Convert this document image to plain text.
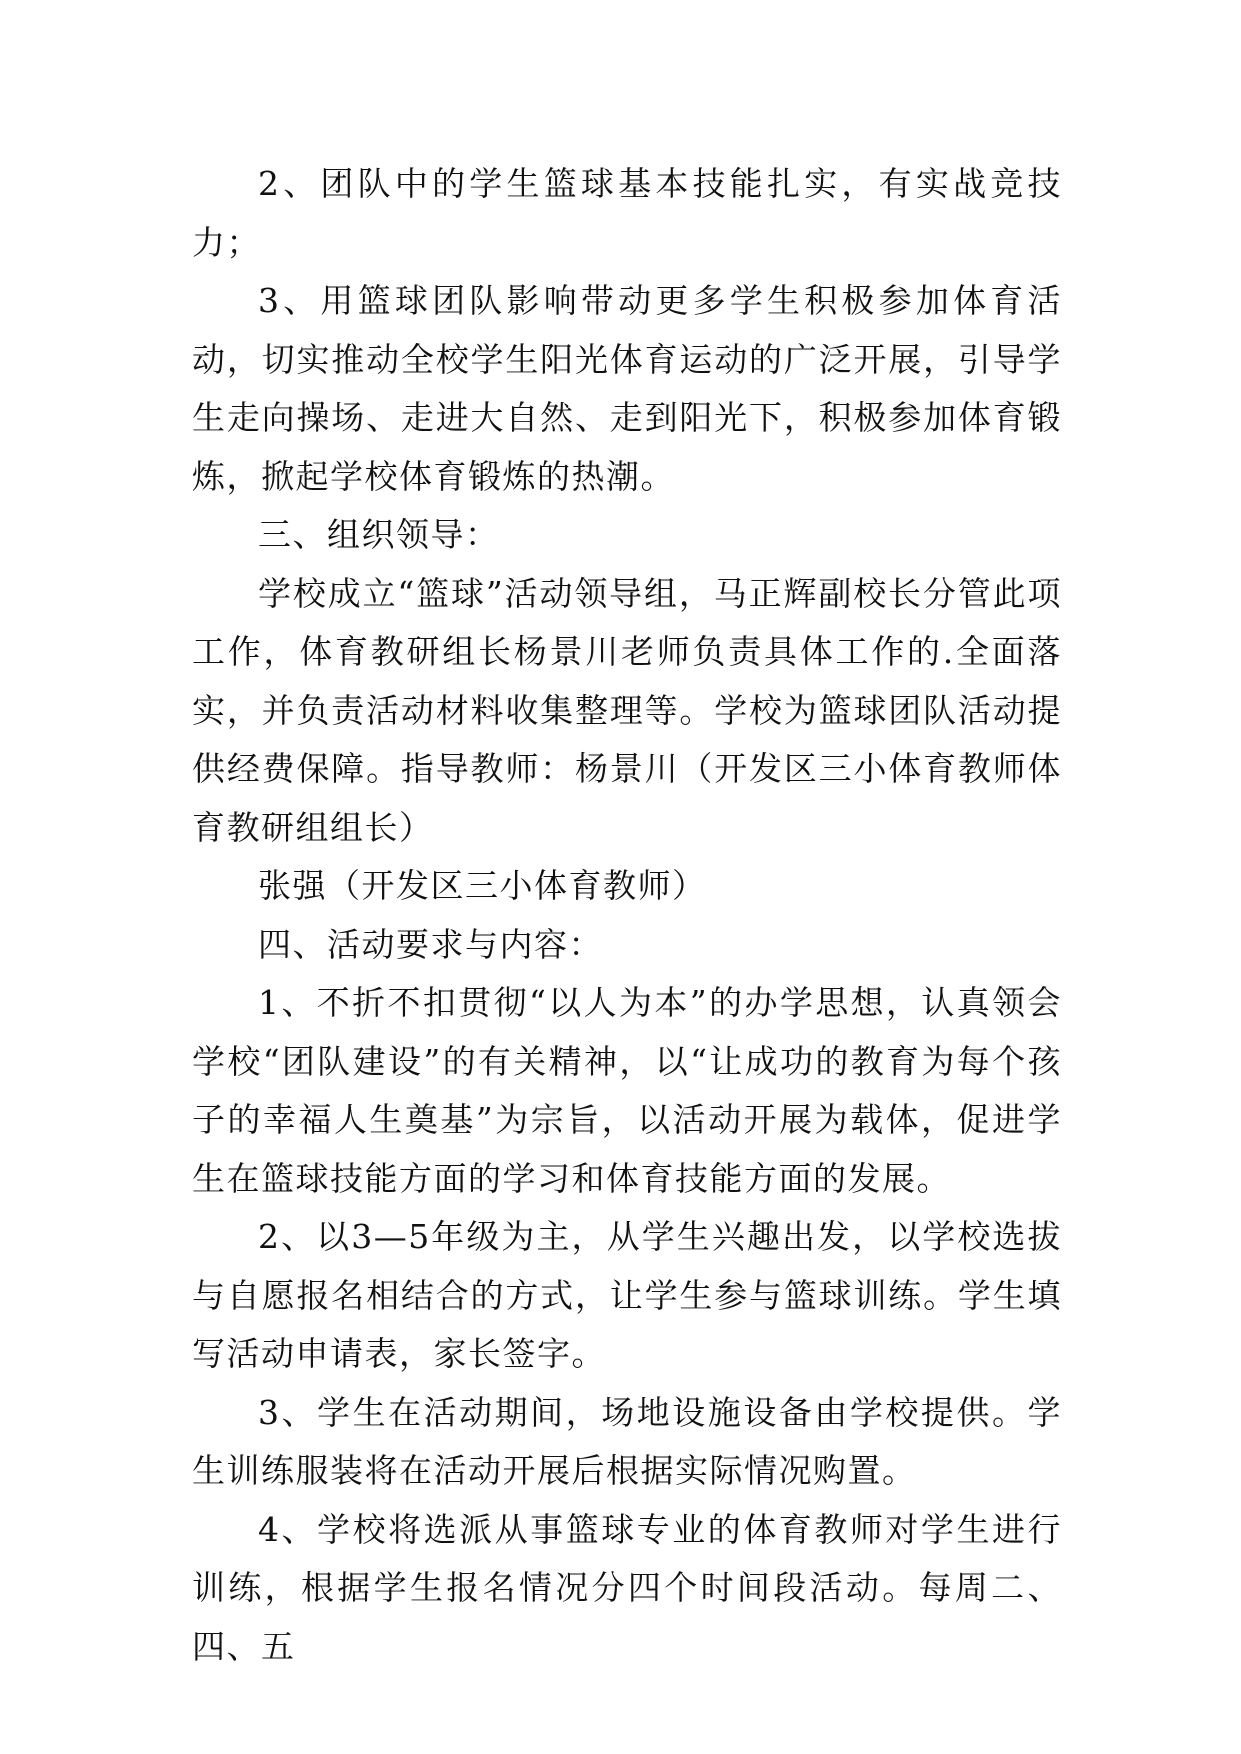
2、团队中的学生篮球基本技能扎实，有实战竞技力；

3、用篮球团队影响带动更多学生积极参加体育活动，切实推动全校学生阳光体育运动的广泛开展，引导学生走向操场、走进大自然、走到阳光下，积极参加体育锻炼，掀起学校体育锻炼的热潮。

三、组织领导：

学校成立“篮球”活动领导组，马正辉副校长分管此项工作，体育教研组长杨景川老师负责具体工作的.全面落实，并负责活动材料收集整理等。学校为篮球团队活动提供经费保障。指导教师：杨景川（开发区三小体育教师体育教研组组长）

张强（开发区三小体育教师）

四、活动要求与内容：

1、不折不扣贯彻“以人为本”的办学思想，认真领会学校“团队建设”的有关精神，以“让成功的教育为每个孩子的幸福人生奠基”为宗旨，以活动开展为载体，促进学生在篮球技能方面的学习和体育技能方面的发展。

2、以3—5年级为主，从学生兴趣出发，以学校选拔与自愿报名相结合的方式，让学生参与篮球训练。学生填写活动申请表，家长签字。

3、学生在活动期间，场地设施设备由学校提供。学生训练服装将在活动开展后根据实际情况购置。

4、学校将选派从事篮球专业的体育教师对学生进行训练，根据学生报名情况分四个时间段活动。每周二、四、五
